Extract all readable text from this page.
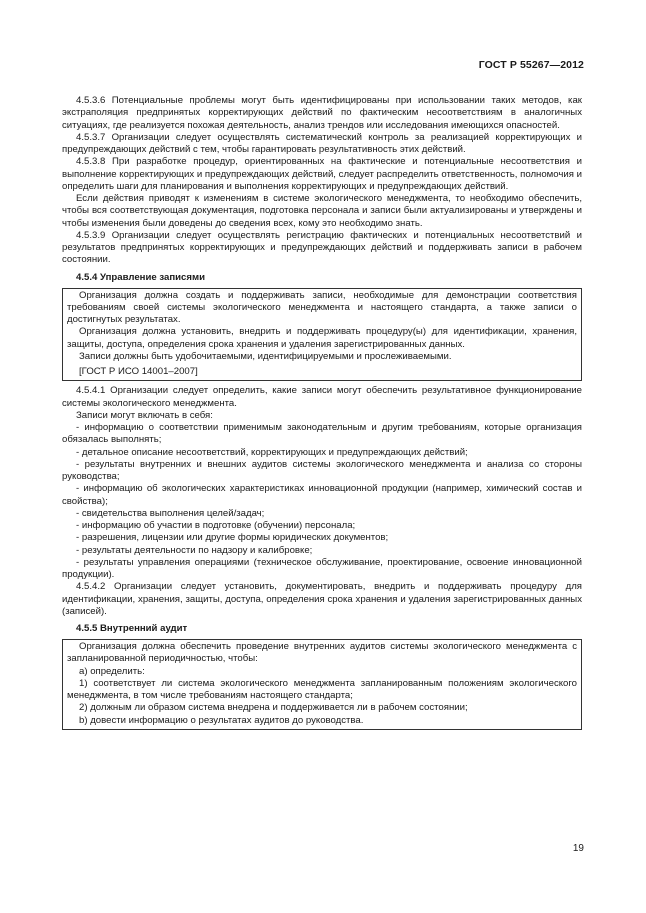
ГОСТ Р 55267—2012

4.5.3.6 Потенциальные проблемы могут быть идентифицированы при использовании таких методов, как экстраполяция предпринятых корректирующих действий по фактическим несоответствиям в аналогичных ситуациях, где реализуется похожая деятельность, анализ трендов или исследования имеющихся опасностей.

4.5.3.7 Организации следует осуществлять систематический контроль за реализацией корректирующих и предупреждающих действий с тем, чтобы гарантировать результативность этих действий.

4.5.3.8 При разработке процедур, ориентированных на фактические и потенциальные несоответствия и выполнение корректирующих и предупреждающих действий, следует распределить ответственность, полномочия и определить шаги для планирования и выполнения корректирующих и предупреждающих действий.

Если действия приводят к изменениям в системе экологического менеджмента, то необходимо обеспечить, чтобы вся соответствующая документация, подготовка персонала и записи были актуализированы и утверждены и чтобы изменения были доведены до сведения всех, кому это необходимо знать.

4.5.3.9 Организации следует осуществлять регистрацию фактических и потенциальных несоответствий и результатов предпринятых корректирующих и предупреждающих действий и поддерживать записи в рабочем состоянии.

4.5.4 Управление записями

Организация должна создать и поддерживать записи, необходимые для демонстрации соответствия требованиям своей системы экологического менеджмента и настоящего стандарта, а также записи о достигнутых результатах.

Организация должна установить, внедрить и поддерживать процедуру(ы) для идентификации, хранения, защиты, доступа, определения срока хранения и удаления зарегистрированных данных.

Записи должны быть удобочитаемыми, идентифицируемыми и прослеживаемыми.

[ГОСТ Р ИСО 14001–2007]

4.5.4.1 Организации следует определить, какие записи могут обеспечить результативное функционирование системы экологического менеджмента.

Записи могут включать в себя:

- информацию о соответствии применимым законодательным и другим требованиям, которые организация обязалась выполнять;

- детальное описание несоответствий, корректирующих и предупреждающих действий;

- результаты внутренних и внешних аудитов системы экологического менеджмента и анализа со стороны руководства;

- информацию об экологических характеристиках инновационной продукции (например, химический состав и свойства);

- свидетельства выполнения целей/задач;

- информацию об участии в подготовке (обучении) персонала;

- разрешения, лицензии или другие формы юридических документов;

- результаты деятельности по надзору и калибровке;

- результаты управления операциями (техническое обслуживание, проектирование, освоение инновационной продукции).

4.5.4.2 Организации следует установить, документировать, внедрить и поддерживать процедуру для идентификации, хранения, защиты, доступа, определения срока хранения и удаления зарегистрированных данных (записей).

4.5.5 Внутренний аудит

Организация должна обеспечить проведение внутренних аудитов системы экологического менеджмента с запланированной периодичностью, чтобы:

а) определить:

1) соответствует ли система экологического менеджмента запланированным положениям экологического менеджмента, в том числе требованиям настоящего стандарта;

2) должным ли образом система внедрена и поддерживается ли в рабочем состоянии;

b) довести информацию о результатах аудитов до руководства.

19
